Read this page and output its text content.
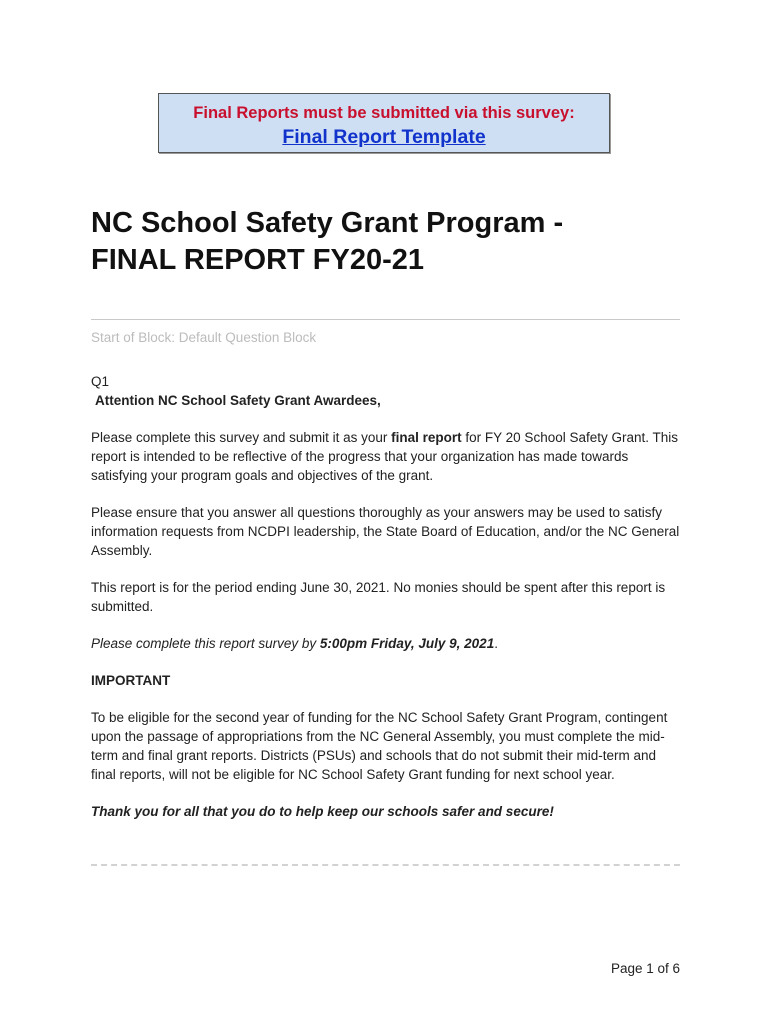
Final Reports must be submitted via this survey:
Final Report Template
NC School Safety Grant Program -
FINAL REPORT FY20-21
Start of Block: Default Question Block

Q1

Attention NC School Safety Grant Awardees,

Please complete this survey and submit it as your final report for FY 20 School Safety Grant. This report is intended to be reflective of the progress that your organization has made towards satisfying your program goals and objectives of the grant.

Please ensure that you answer all questions thoroughly as your answers may be used to satisfy information requests from NCDPI leadership, the State Board of Education, and/or the NC General Assembly.

This report is for the period ending June 30, 2021. No monies should be spent after this report is submitted.

Please complete this report survey by 5:00pm Friday, July 9, 2021.

IMPORTANT

To be eligible for the second year of funding for the NC School Safety Grant Program, contingent upon the passage of appropriations from the NC General Assembly, you must complete the mid-term and final grant reports. Districts (PSUs) and schools that do not submit their mid-term and final reports, will not be eligible for NC School Safety Grant funding for next school year.

Thank you for all that you do to help keep our schools safer and secure!

Page 1 of 6
